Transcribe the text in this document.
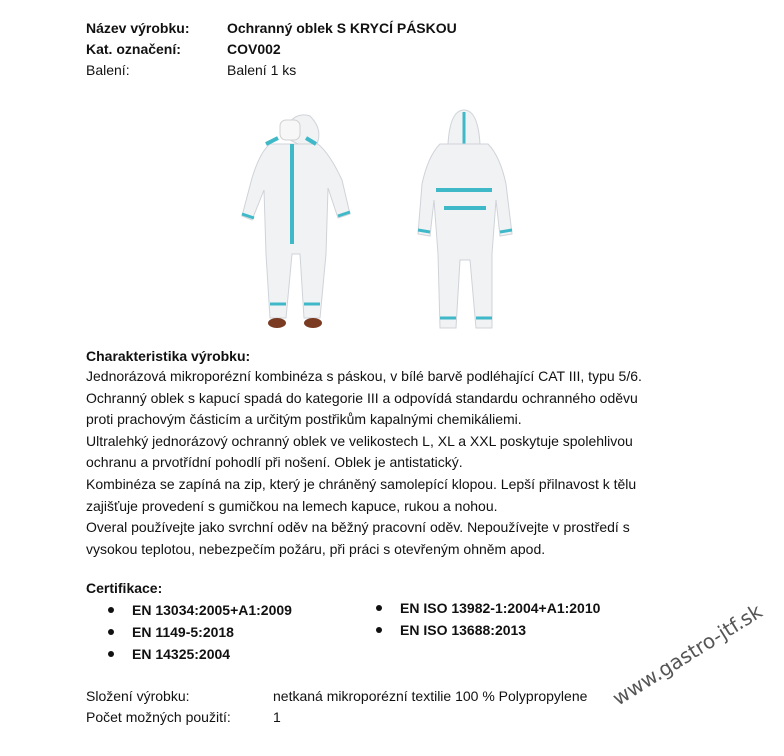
Název výrobku:	Ochranný oblek S KRYCÍ PÁSKOU
Kat. označení:	COV002
Balení:	Balení 1 ks
Charakteristika výrobku:
Jednorázová mikroporézní kombinéza s páskou, v bílé barvě podléhající CAT III, typu 5/6.
Ochranný oblek s kapucí spadá do kategorie III a odpovídá standardu ochranného oděvu
proti prachovým částicím a určitým postřikům kapalnými chemikáliemi.
Ultralehký jednorázový ochranný oblek ve velikostech L, XL a XXL poskytuje spolehlivou
ochranu a prvotřídní pohodlí při nošení. Oblek je antistatický.
Kombinéza se zapíná na zip, který je chráněný samolepící klopou. Lepší přilnavost k tělu
zajišťuje provedení s gumičkou na lemech kapuce, rukou a nohou.
Overal používejte jako svrchní oděv na běžný pracovní oděv. Nepoužívejte v prostředí s
vysokou teplotou, nebezpečím požáru, při práci s otevřeným ohněm apod.
Certifikace:
EN 13034:2005+A1:2009
EN 1149-5:2018
EN 14325:2004
EN ISO 13982-1:2004+A1:2010
EN ISO 13688:2013
Složení výrobku:	netkaná mikroporézní textilie 100 % Polypropylene
Počet možných použití:	1
www.gastro-jtf.sk
